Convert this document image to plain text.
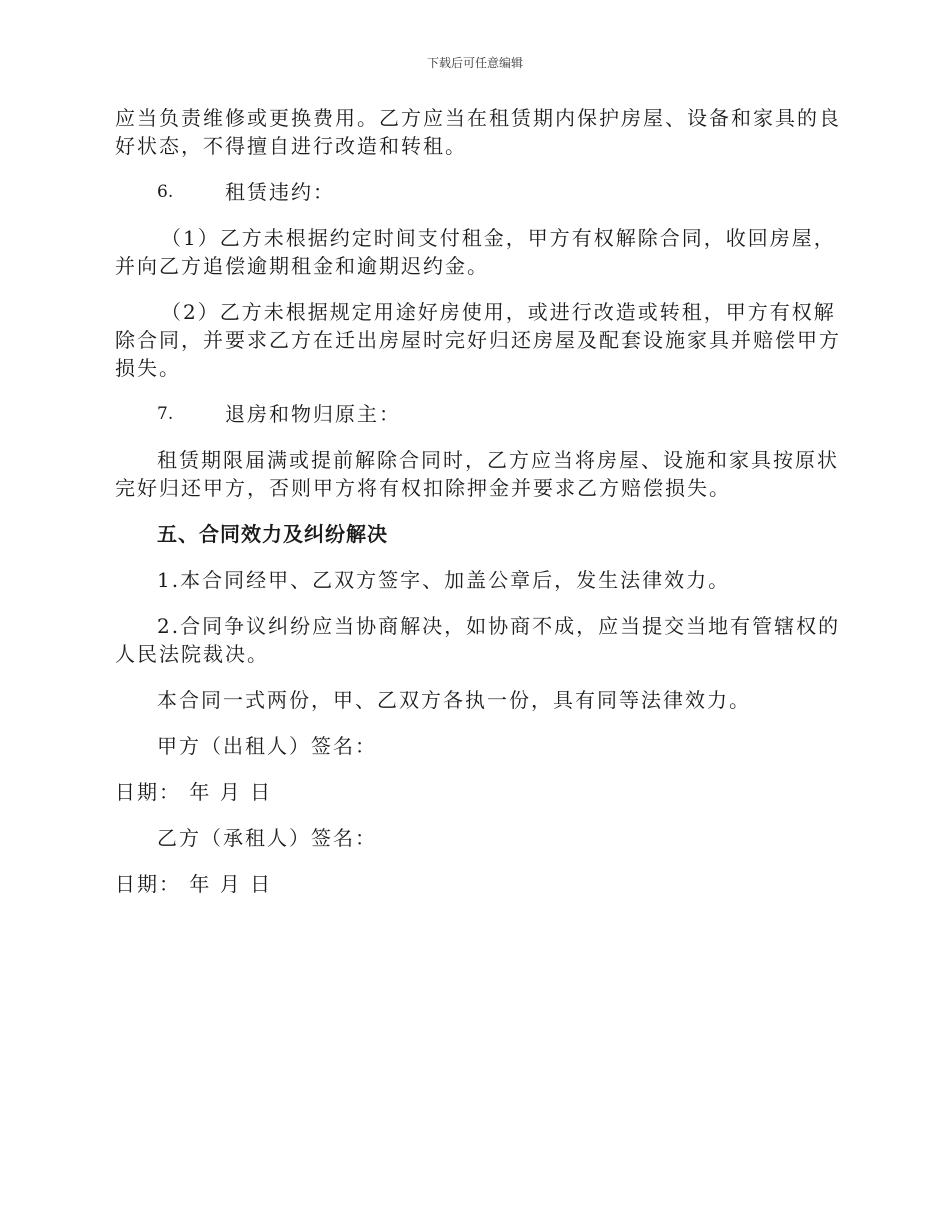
下载后可任意编辑

应当负责维修或更换费用。乙方应当在租赁期内保护房屋、设备和家具的良

好状态，不得擅自进行改造和转租。

6.	租赁违约：

（1）乙方未根据约定时间支付租金，甲方有权解除合同，收回房屋，

并向乙方追偿逾期租金和逾期迟约金。

（2）乙方未根据规定用途好房使用，或进行改造或转租，甲方有权解

除合同，并要求乙方在迁出房屋时完好归还房屋及配套设施家具并赔偿甲方

损失。

7.	退房和物归原主：

租赁期限届满或提前解除合同时，乙方应当将房屋、设施和家具按原状

完好归还甲方，否则甲方将有权扣除押金并要求乙方赔偿损失。

五、合同效力及纠纷解决

1.本合同经甲、乙双方签字、加盖公章后，发生法律效力。

2.合同争议纠纷应当协商解决，如协商不成，应当提交当地有管辖权的

人民法院裁决。

本合同一式两份，甲、乙双方各执一份，具有同等法律效力。

甲方（出租人）签名：

日期： 年 月 日

乙方（承租人）签名：

日期： 年 月 日
